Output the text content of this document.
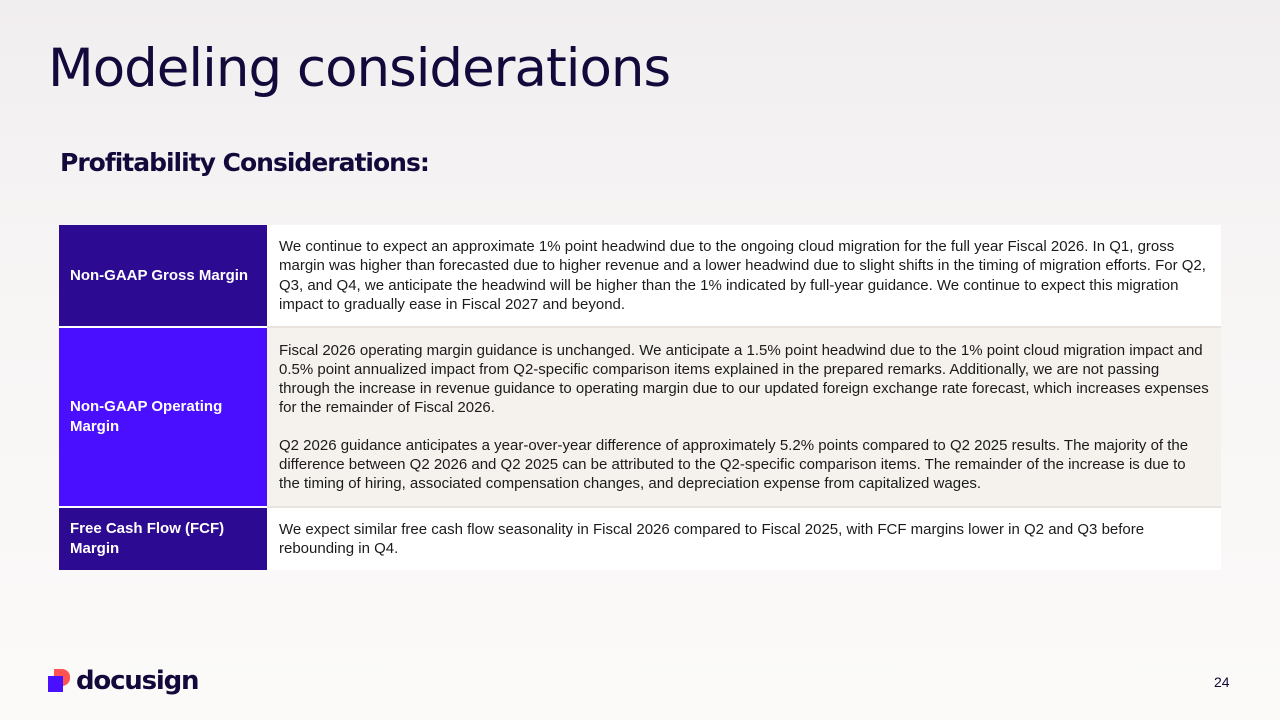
Modeling considerations
Profitability Considerations:
Non-GAAP Gross Margin	We continue to expect an approximate 1% point headwind due to the ongoing cloud migration for the full year Fiscal 2026. In Q1, gross margin was higher than forecasted due to higher revenue and a lower headwind due to slight shifts in the timing of migration efforts. For Q2, Q3, and Q4, we anticipate the headwind will be higher than the 1% indicated by full-year guidance. We continue to expect this migration impact to gradually ease in Fiscal 2027 and beyond.

Non-GAAP Operating Margin	Fiscal 2026 operating margin guidance is unchanged. We anticipate a 1.5% point headwind due to the 1% point cloud migration impact and 0.5% point annualized impact from Q2-specific comparison items explained in the prepared remarks. Additionally, we are not passing through the increase in revenue guidance to operating margin due to our updated foreign exchange rate forecast, which increases expenses for the remainder of Fiscal 2026.

Q2 2026 guidance anticipates a year-over-year difference of approximately 5.2% points compared to Q2 2025 results. The majority of the difference between Q2 2026 and Q2 2025 can be attributed to the Q2-specific comparison items. The remainder of the increase is due to the timing of hiring, associated compensation changes, and depreciation expense from capitalized wages.

Free Cash Flow (FCF) Margin	We expect similar free cash flow seasonality in Fiscal 2026 compared to Fiscal 2025, with FCF margins lower in Q2 and Q3 before rebounding in Q4.

docusign	24
